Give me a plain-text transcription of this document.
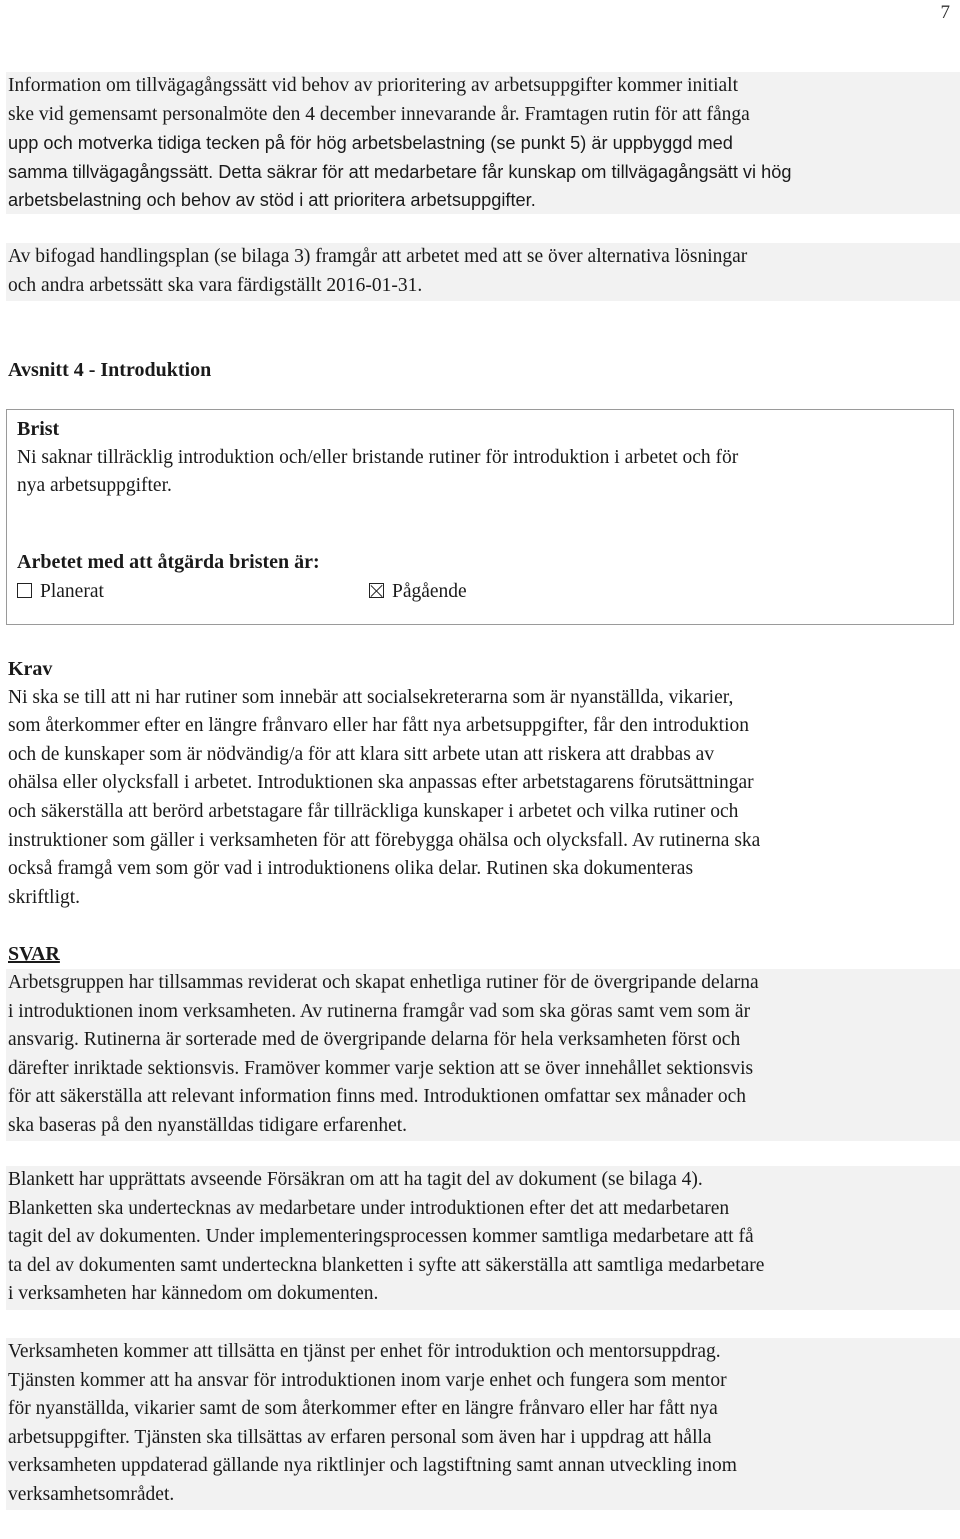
7

Information om tillvägagångssätt vid behov av prioritering av arbetsuppgifter kommer initialt

ske vid gemensamt personalmöte den 4 december innevarande år. Framtagen rutin för att fånga

upp och motverka tidiga tecken på för hög arbetsbelastning (se punkt 5) är uppbyggd med

samma tillvägagångssätt. Detta säkrar för att medarbetare får kunskap om tillvägagångsätt vi hög

arbetsbelastning och behov av stöd i att prioritera arbetsuppgifter.

Av bifogad handlingsplan (se bilaga 3) framgår att arbetet med att se över alternativa lösningar

och andra arbetssätt ska vara färdigställt 2016-01-31.

Avsnitt 4 - Introduktion
Brist
Ni saknar tillräcklig introduktion och/eller bristande rutiner för introduktion i arbetet och för
nya arbetsuppgifter.
Arbetet med att åtgärda bristen är:
Planerat	Pågående

Krav

Ni ska se till att ni har rutiner som innebär att socialsekreterarna som är nyanställda, vikarier,

som återkommer efter en längre frånvaro eller har fått nya arbetsuppgifter, får den introduktion

och de kunskaper som är nödvändig/a för att klara sitt arbete utan att riskera att drabbas av

ohälsa eller olycksfall i arbetet. Introduktionen ska anpassas efter arbetstagarens förutsättningar

och säkerställa att berörd arbetstagare får tillräckliga kunskaper i arbetet och vilka rutiner och

instruktioner som gäller i verksamheten för att förebygga ohälsa och olycksfall. Av rutinerna ska

också framgå vem som gör vad i introduktionens olika delar. Rutinen ska dokumenteras

skriftligt.

SVAR

Arbetsgruppen har tillsammas reviderat och skapat enhetliga rutiner för de övergripande delarna

i introduktionen inom verksamheten. Av rutinerna framgår vad som ska göras samt vem som är

ansvarig. Rutinerna är sorterade med de övergripande delarna för hela verksamheten först och

därefter inriktade sektionsvis. Framöver kommer varje sektion att se över innehållet sektionsvis

för att säkerställa att relevant information finns med. Introduktionen omfattar sex månader och

ska baseras på den nyanställdas tidigare erfarenhet.

Blankett har upprättats avseende Försäkran om att ha tagit del av dokument (se bilaga 4).

Blanketten ska undertecknas av medarbetare under introduktionen efter det att medarbetaren

tagit del av dokumenten. Under implementeringsprocessen kommer samtliga medarbetare att få

ta del av dokumenten samt underteckna blanketten i syfte att säkerställa att samtliga medarbetare

i verksamheten har kännedom om dokumenten.

Verksamheten kommer att tillsätta en tjänst per enhet för introduktion och mentorsuppdrag.

Tjänsten kommer att ha ansvar för introduktionen inom varje enhet och fungera som mentor

för nyanställda, vikarier samt de som återkommer efter en längre frånvaro eller har fått nya

arbetsuppgifter. Tjänsten ska tillsättas av erfaren personal som även har i uppdrag att hålla

verksamheten uppdaterad gällande nya riktlinjer och lagstiftning samt annan utveckling inom

verksamhetsområdet.
